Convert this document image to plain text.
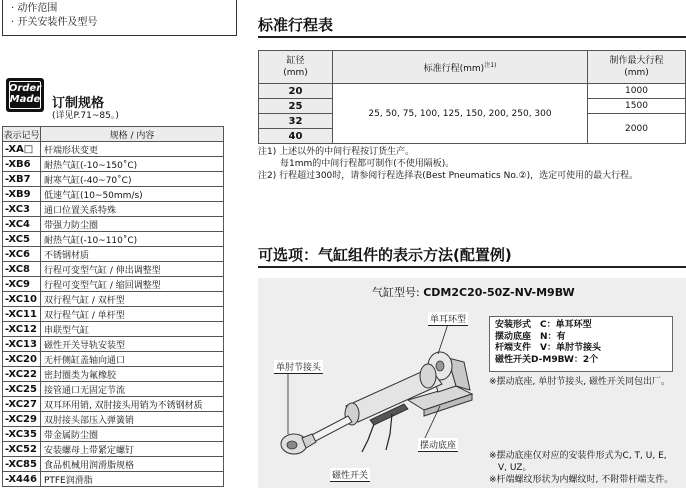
· 动作范围
· 开关安装件及型号
Order
Made 订制规格
(详见P.71~85。)
表示记号	规格 / 内容
-XA□	杆端形状变更
-XB6	耐热气缸(-10~150˚C)
-XB7	耐寒气缸(-40~70˚C)
-XB9	低速气缸(10~50mm/s)
-XC3	通口位置关系特殊
-XC4	带强力防尘圈
-XC5	耐热气缸(-10~110˚C)
-XC6	不锈钢材质
-XC8	行程可变型气缸 / 伸出调整型
-XC9	行程可变型气缸 / 缩回调整型
-XC10	双行程气缸 / 双杆型
-XC11	双行程气缸 / 单杆型
-XC12	串联型气缸
-XC13	磁性开关导轨安装型
-XC20	无杆侧缸盖轴向通口
-XC22	密封圈类为氟橡胶
-XC25	接管通口无固定节流
-XC27	双耳环用销, 双肘接头用销为不锈钢材质
-XC29	双肘接头部压入弹簧销
-XC35	带金属防尘圈
-XC52	安装螺母上带紧定螺钉
-XC85	食品机械用润滑脂规格
-X446	PTFE润滑脂
标准行程表
缸径
(mm)	标准行程(mm)$^{注1)}$	制作最大行程
(mm)
20	25, 50, 75, 100, 125, 150, 200, 250, 300	1000
25		1500
32		2000
40		
注1) 上述以外的中间行程按订货生产。
每1mm的中间行程都可制作(不使用隔板)。
注2) 行程超过300时，请参阅行程选择表(Best Pneumatics No.②)，选定可使用的最大行程。
可选项：气缸组件的表示方法(配置例)
气缸型号: CDM2C20-50Z-NV-M9BW
单耳环型
单肘节接头
摆动底座
磁性开关
安装形式　C：单耳环型
摆动底座　N：有
杆端支件　V：单肘节接头
磁性开关D-M9BW：2个
※摆动底座, 单肘节接头, 磁性开关同包出厂。
※摆动底座仅对应的安装件形式为C, T, U, E,
V, UZ。
※杆端螺纹形状为内螺纹时, 不附带杆端支件。
